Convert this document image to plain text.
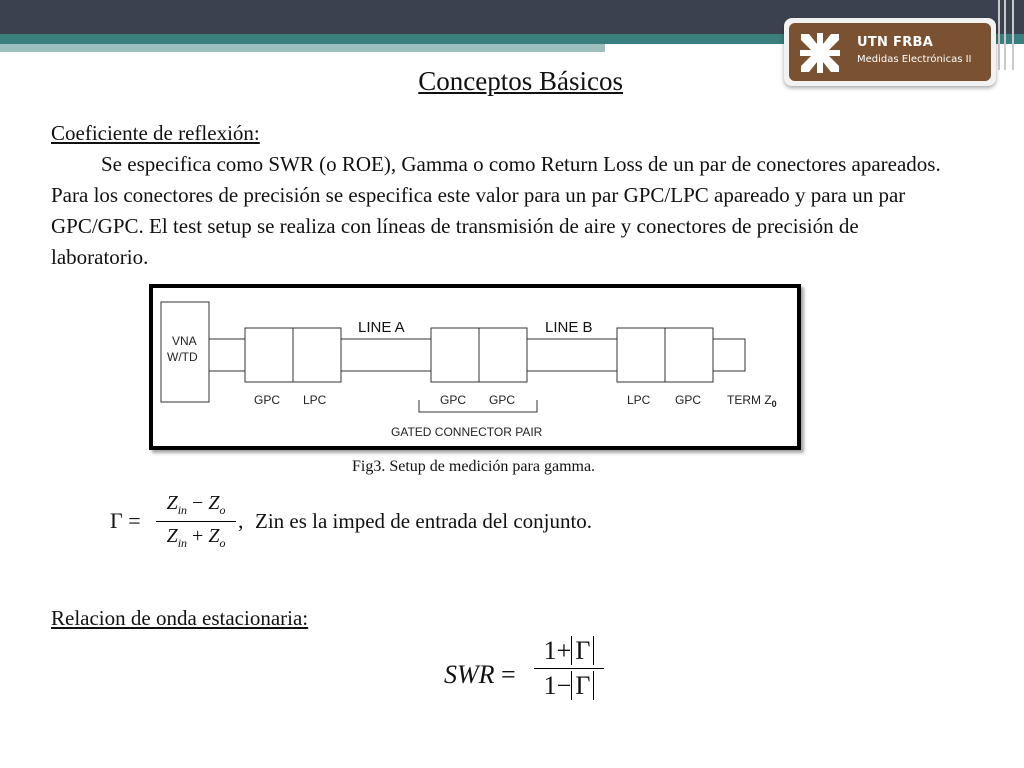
UTN FRBA
Medidas Electrónicas II
Conceptos Básicos
Coeficiente de reflexión:
Se especifica como SWR (o ROE), Gamma o como Return Loss de un par de conectores apareados. Para los conectores de precisión se especifica este valor para un par GPC/LPC apareado y para un par GPC/GPC. El test setup se realiza con líneas de transmisión de aire y conectores de precisión de laboratorio.
VNA
W/TD
LINE A	LINE B
GPC LPC	GPC GPC	LPC GPC TERM $Z_0$
GATED CONNECTOR PAIR
Fig3. Setup de medición para gamma.
Γ =
$Z_{in} - Z_o$
$Z_{in} + Z_o$
, Zin es la imped de entrada del conjunto.
Relacion de onda estacionaria:
SWR =
1+ Γ
1− Γ
